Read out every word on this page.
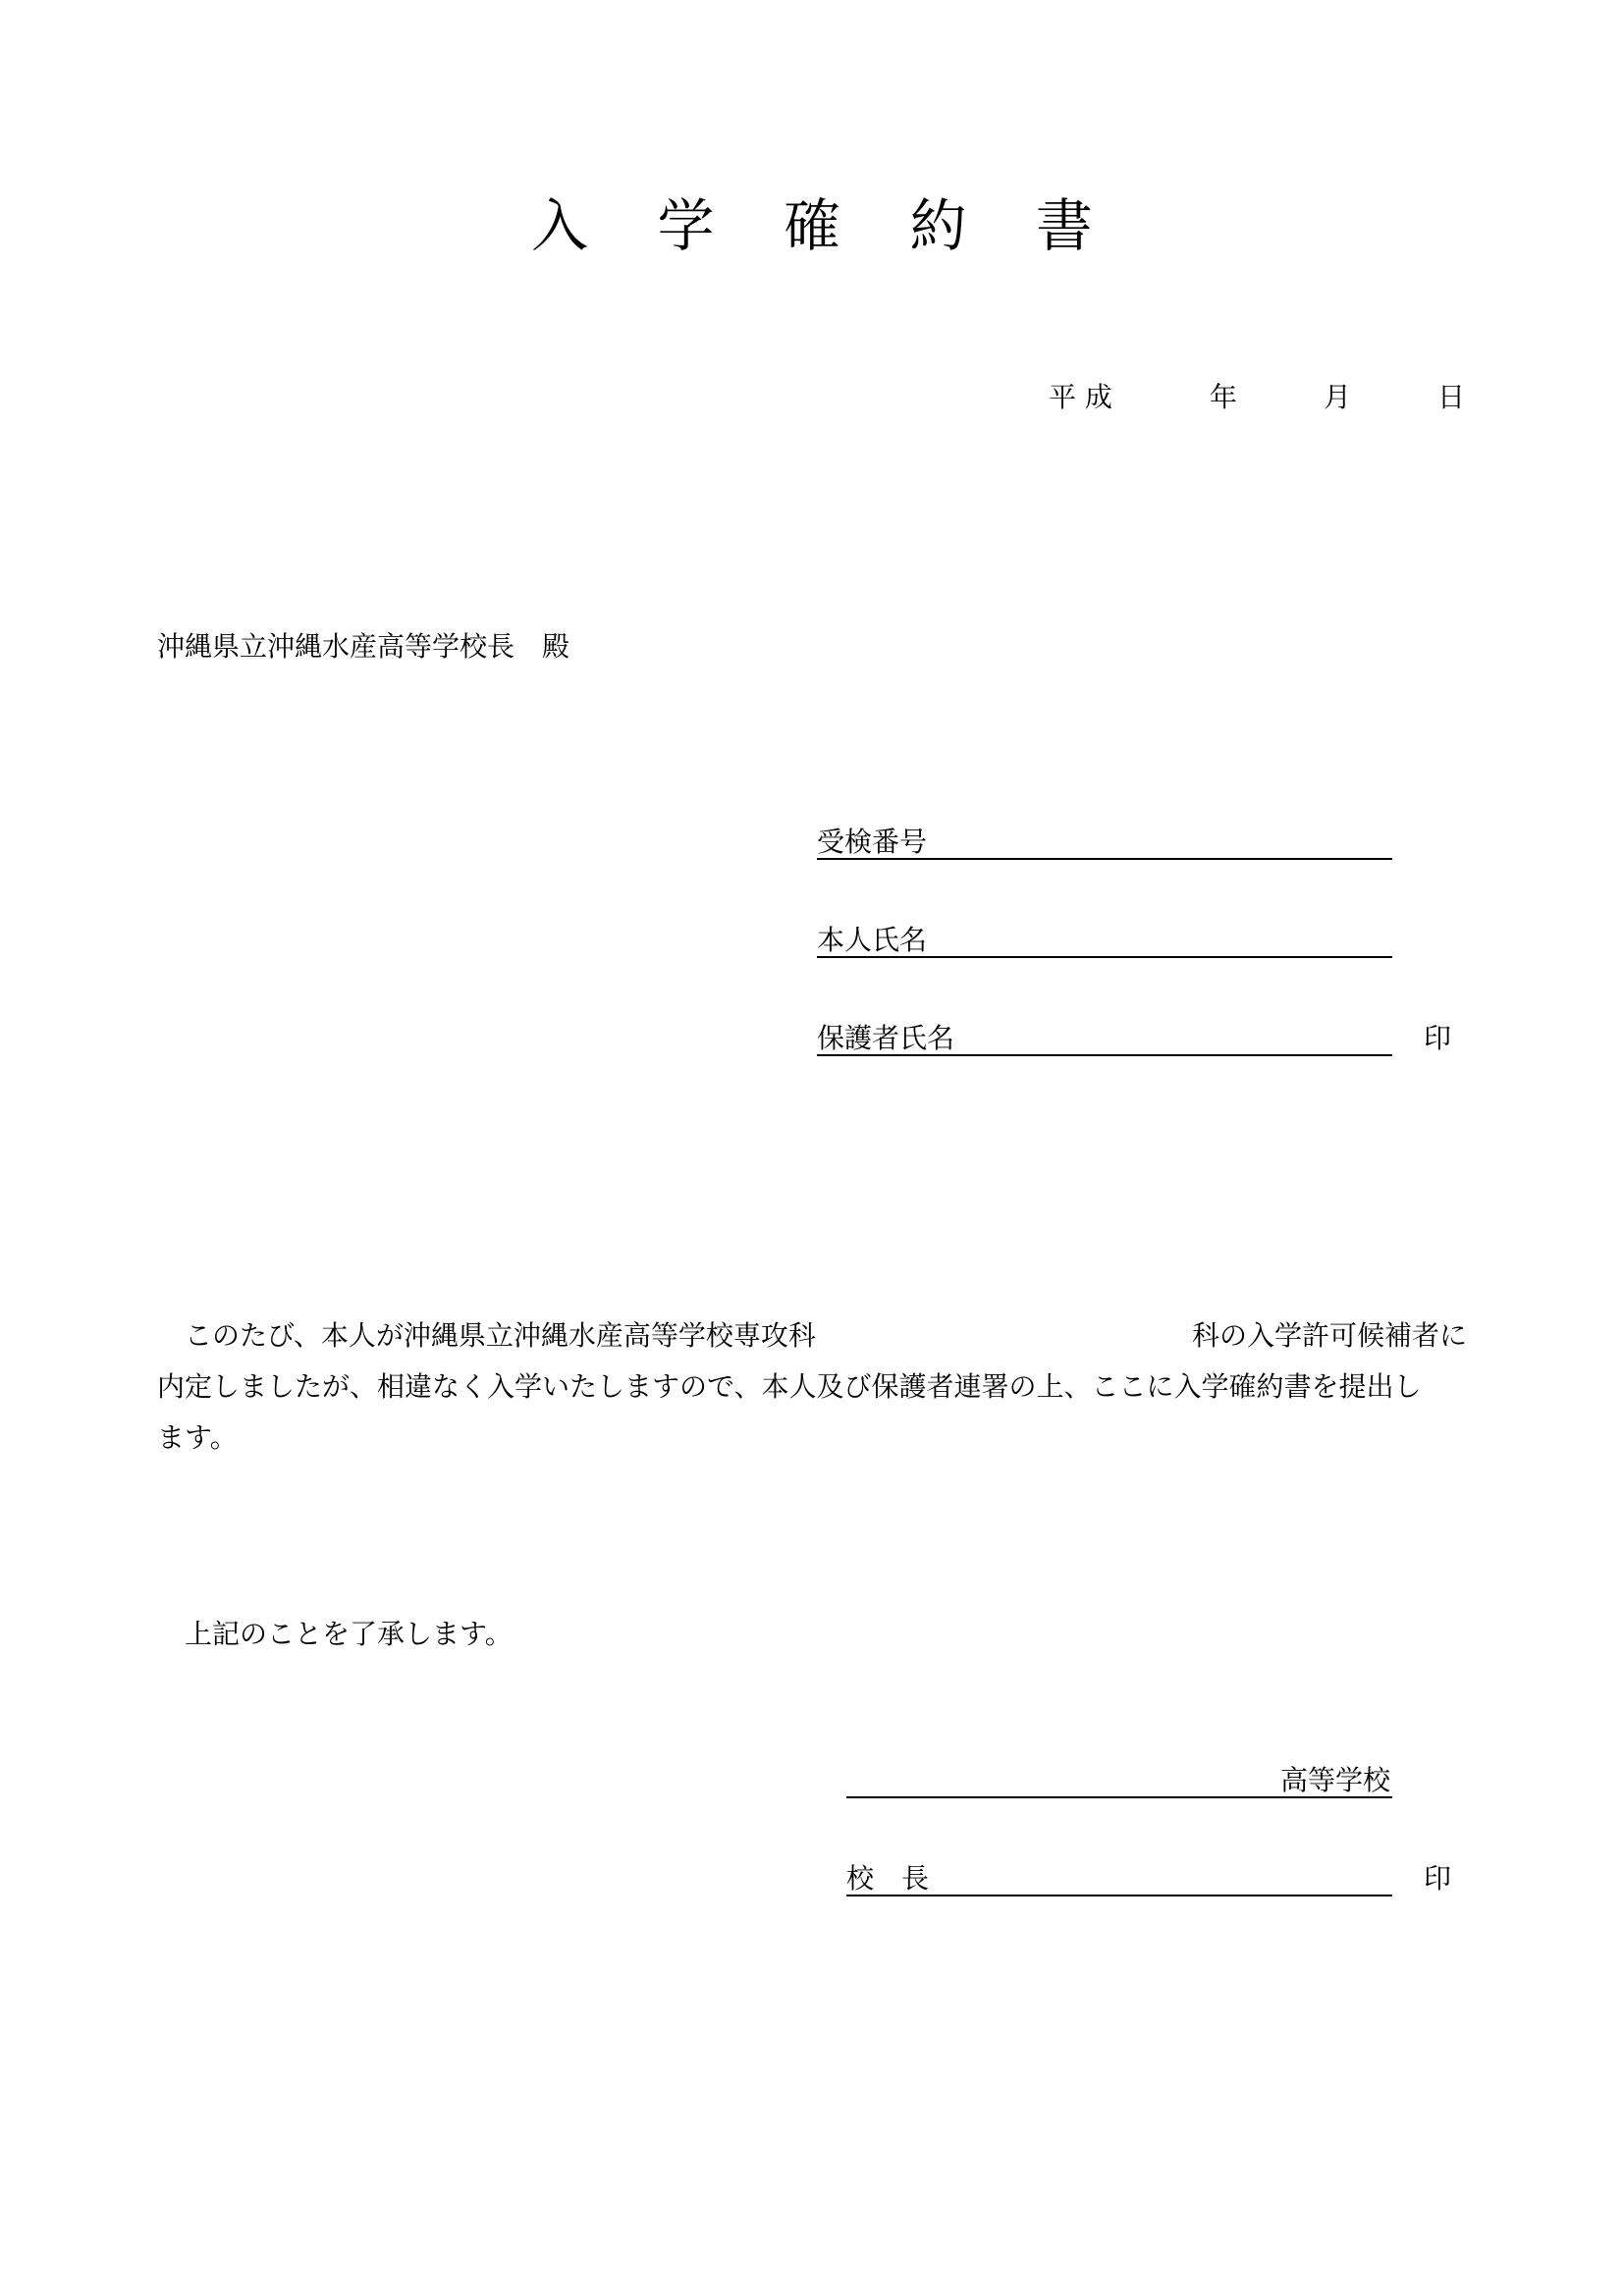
入 学 確 約 書
平 成	年	月	日
沖縄県立沖縄水産高等学校長　殿
受検番号
本人氏名
保護者氏名	印
　このたび、本人が沖縄県立沖縄水産高等学校専攻科	科の入学許可候補者に
内定しましたが、相違なく入学いたしますので、本人及び保護者連署の上、ここに入学確約書を提出し
ます。
　上記のことを了承します。
高等学校
校　長	印
